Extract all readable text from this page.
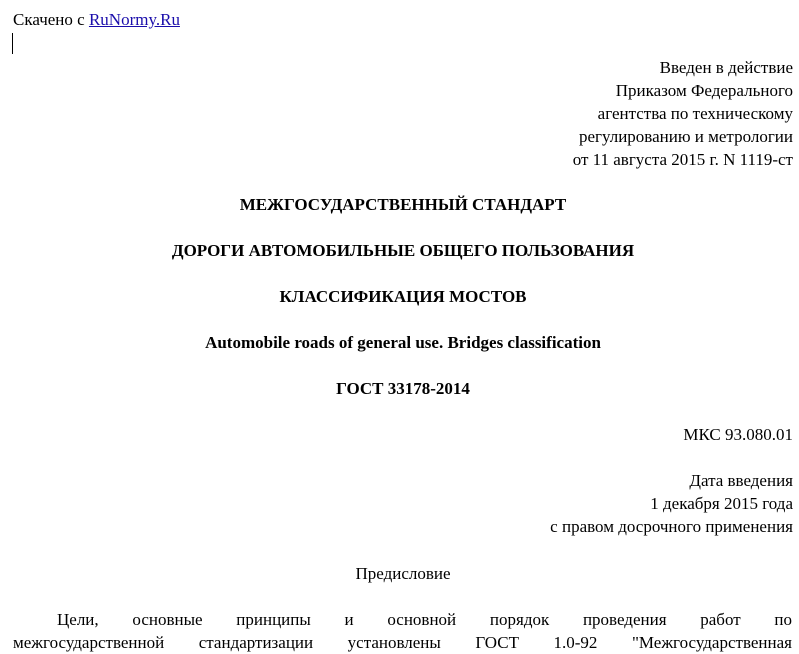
Скачено с RuNormy.Ru
Введен в действие
Приказом Федерального
агентства по техническому
регулированию и метрологии
от 11 августа 2015 г. N 1119-ст
МЕЖГОСУДАРСТВЕННЫЙ СТАНДАРТ
ДОРОГИ АВТОМОБИЛЬНЫЕ ОБЩЕГО ПОЛЬЗОВАНИЯ
КЛАССИФИКАЦИЯ МОСТОВ
Automobile roads of general use. Bridges classification
ГОСТ 33178-2014
МКС 93.080.01
Дата введения
1 декабря 2015 года
с правом досрочного применения
Предисловие
Цели, основные принципы и основной порядок проведения работ по
межгосударственной стандартизации установлены ГОСТ 1.0-92 "Межгосударственная
